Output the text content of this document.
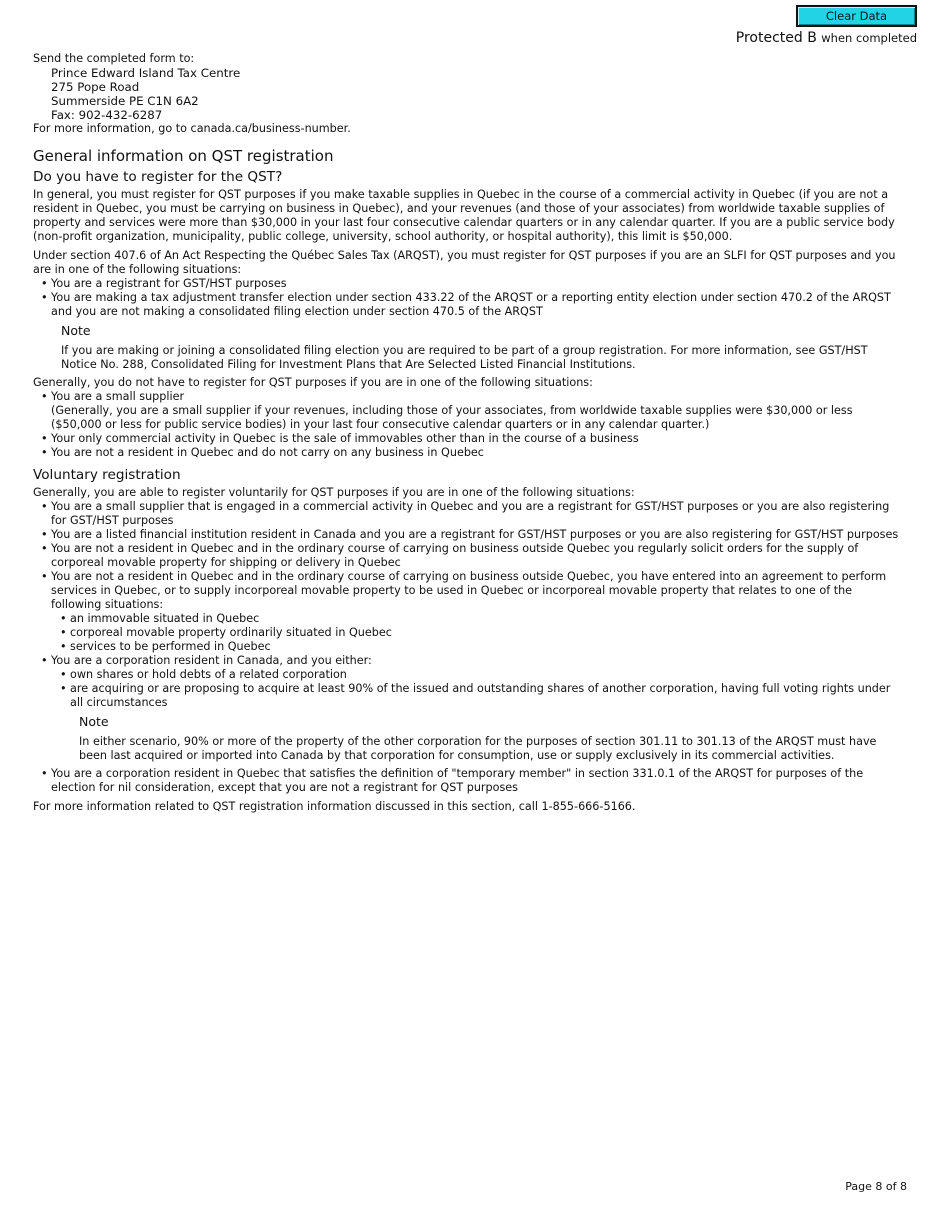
Clear Data
Protected B when completed
Send the completed form to:
Prince Edward Island Tax Centre
275 Pope Road
Summerside PE C1N 6A2
Fax: 902-432-6287
For more information, go to canada.ca/business-number.
General information on QST registration
Do you have to register for the QST?

In general, you must register for QST purposes if you make taxable supplies in Quebec in the course of a commercial activity in Quebec (if you are not a resident in Quebec, you must be carrying on business in Quebec), and your revenues (and those of your associates) from worldwide taxable supplies of property and services were more than $30,000 in your last four consecutive calendar quarters or in any calendar quarter. If you are a public service body (non-profit organization, municipality, public college, university, school authority, or hospital authority), this limit is $50,000.

Under section 407.6 of An Act Respecting the Québec Sales Tax (ARQST), you must register for QST purposes if you are an SLFI for QST purposes and you are in one of the following situations:

• You are a registrant for GST/HST purposes
• You are making a tax adjustment transfer election under section 433.22 of the ARQST or a reporting entity election under section 470.2 of the ARQST and you are not making a consolidated filing election under section 470.5 of the ARQST
Note
If you are making or joining a consolidated filing election you are required to be part of a group registration. For more information, see GST/HST Notice No. 288, Consolidated Filing for Investment Plans that Are Selected Listed Financial Institutions.

Generally, you do not have to register for QST purposes if you are in one of the following situations:

• You are a small supplier
(Generally, you are a small supplier if your revenues, including those of your associates, from worldwide taxable supplies were $30,000 or less ($50,000 or less for public service bodies) in your last four consecutive calendar quarters or in any calendar quarter.)
• Your only commercial activity in Quebec is the sale of immovables other than in the course of a business
• You are not a resident in Quebec and do not carry on any business in Quebec
Voluntary registration

Generally, you are able to register voluntarily for QST purposes if you are in one of the following situations:

• You are a small supplier that is engaged in a commercial activity in Quebec and you are a registrant for GST/HST purposes or you are also registering for GST/HST purposes
• You are a listed financial institution resident in Canada and you are a registrant for GST/HST purposes or you are also registering for GST/HST purposes
• You are not a resident in Quebec and in the ordinary course of carrying on business outside Quebec you regularly solicit orders for the supply of corporeal movable property for shipping or delivery in Quebec
• You are not a resident in Quebec and in the ordinary course of carrying on business outside Quebec, you have entered into an agreement to perform services in Quebec, or to supply incorporeal movable property to be used in Quebec or incorporeal movable property that relates to one of the following situations:
• an immovable situated in Quebec
• corporeal movable property ordinarily situated in Quebec
• services to be performed in Quebec
• You are a corporation resident in Canada, and you either:
• own shares or hold debts of a related corporation
• are acquiring or are proposing to acquire at least 90% of the issued and outstanding shares of another corporation, having full voting rights under all circumstances
Note
In either scenario, 90% or more of the property of the other corporation for the purposes of section 301.11 to 301.13 of the ARQST must have been last acquired or imported into Canada by that corporation for consumption, use or supply exclusively in its commercial activities.
• You are a corporation resident in Quebec that satisfies the definition of "temporary member" in section 331.0.1 of the ARQST for purposes of the election for nil consideration, except that you are not a registrant for QST purposes

For more information related to QST registration information discussed in this section, call 1-855-666-5166.

Page 8 of 8
